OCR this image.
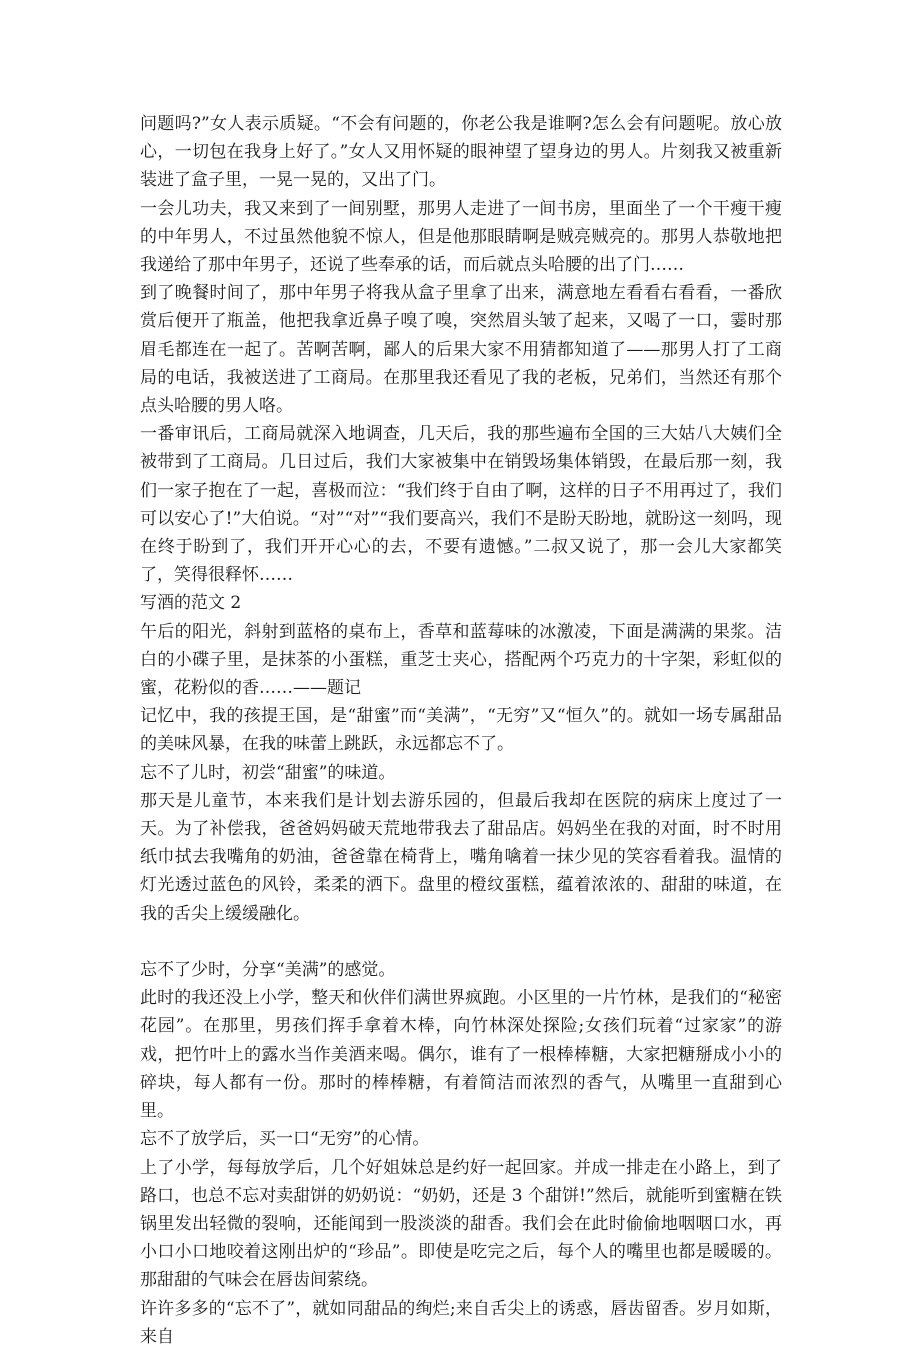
问题吗?”女人表示质疑。“不会有问题的，你老公我是谁啊?怎么会有问题呢。放心放心，一切包在我身上好了。”女人又用怀疑的眼神望了望身边的男人。片刻我又被重新装进了盒子里，一晃一晃的，又出了门。

一会儿功夫，我又来到了一间别墅，那男人走进了一间书房，里面坐了一个干瘦干瘦的中年男人，不过虽然他貌不惊人，但是他那眼睛啊是贼亮贼亮的。那男人恭敬地把我递给了那中年男子，还说了些奉承的话，而后就点头哈腰的出了门……

到了晚餐时间了，那中年男子将我从盒子里拿了出来，满意地左看看右看看，一番欣赏后便开了瓶盖，他把我拿近鼻子嗅了嗅，突然眉头皱了起来，又喝了一口，霎时那眉毛都连在一起了。苦啊苦啊，鄙人的后果大家不用猜都知道了——那男人打了工商局的电话，我被送进了工商局。在那里我还看见了我的老板，兄弟们，当然还有那个点头哈腰的男人咯。

一番审讯后，工商局就深入地调查，几天后，我的那些遍布全国的三大姑八大姨们全被带到了工商局。几日过后，我们大家被集中在销毁场集体销毁，在最后那一刻，我们一家子抱在了一起，喜极而泣：“我们终于自由了啊，这样的日子不用再过了，我们可以安心了!”大伯说。“对”“对”“我们要高兴，我们不是盼天盼地，就盼这一刻吗，现在终于盼到了，我们开开心心的去，不要有遗憾。”二叔又说了，那一会儿大家都笑了，笑得很释怀……

写酒的范文 2

午后的阳光，斜射到蓝格的桌布上，香草和蓝莓味的冰激凌，下面是满满的果浆。洁白的小碟子里，是抹茶的小蛋糕，重芝士夹心，搭配两个巧克力的十字架，彩虹似的蜜，花粉似的香……——题记

记忆中，我的孩提王国，是“甜蜜”而“美满”，“无穷”又“恒久”的。就如一场专属甜品的美味风暴，在我的味蕾上跳跃，永远都忘不了。

忘不了儿时，初尝“甜蜜”的味道。

那天是儿童节，本来我们是计划去游乐园的，但最后我却在医院的病床上度过了一天。为了补偿我，爸爸妈妈破天荒地带我去了甜品店。妈妈坐在我的对面，时不时用纸巾拭去我嘴角的奶油，爸爸靠在椅背上，嘴角噙着一抹少见的笑容看着我。温情的灯光透过蓝色的风铃，柔柔的洒下。盘里的橙纹蛋糕，蕴着浓浓的、甜甜的味道，在我的舌尖上缓缓融化。

忘不了少时，分享“美满”的感觉。

此时的我还没上小学，整天和伙伴们满世界疯跑。小区里的一片竹林，是我们的“秘密花园”。在那里，男孩们挥手拿着木棒，向竹林深处探险;女孩们玩着“过家家”的游戏，把竹叶上的露水当作美酒来喝。偶尔，谁有了一根棒棒糖，大家把糖掰成小小的碎块，每人都有一份。那时的棒棒糖，有着简洁而浓烈的香气，从嘴里一直甜到心里。

忘不了放学后，买一口“无穷”的心情。

上了小学，每每放学后，几个好姐妹总是约好一起回家。并成一排走在小路上，到了路口，也总不忘对卖甜饼的奶奶说：“奶奶，还是 3 个甜饼!”然后，就能听到蜜糖在铁锅里发出轻微的裂响，还能闻到一股淡淡的甜香。我们会在此时偷偷地咽咽口水，再小口小口地咬着这刚出炉的“珍品”。即使是吃完之后，每个人的嘴里也都是暖暖的。那甜甜的气味会在唇齿间萦绕。

许许多多的“忘不了”，就如同甜品的绚烂;来自舌尖上的诱惑，唇齿留香。岁月如斯，来自
